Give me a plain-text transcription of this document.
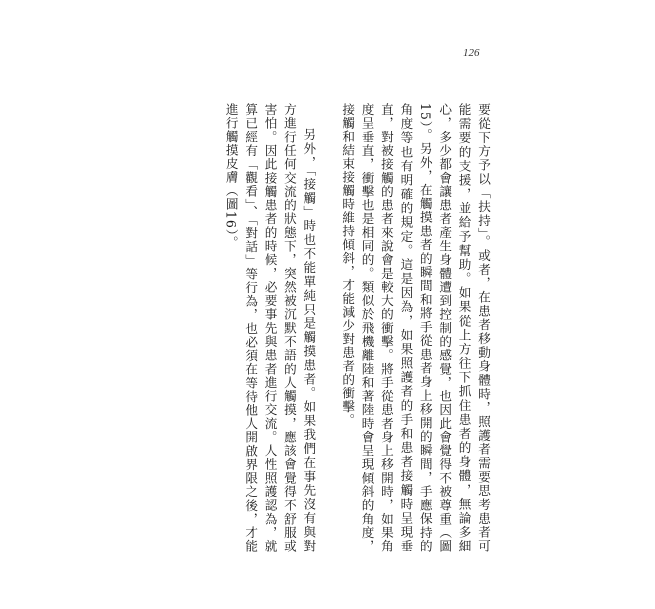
126

要從下方予以「扶持」。或者，在患者移動身體時，照護者需要思考患者可能需要的支援，並給予幫助。如果從上方往下抓住患者的身體，無論多細心，多少都會讓患者產生身體遭到控制的感覺，也因此會覺得不被尊重（圖15）。另外，在觸摸患者的瞬間和將手從患者身上移開的瞬間，手應保持的角度等也有明確的規定。這是因為，如果照護者的手和患者接觸時呈現垂直，對被接觸的患者來說會是較大的衝擊。將手從患者身上移開時，如果角度呈垂直，衝擊也是相同的。類似於飛機離陸和著陸時會呈現傾斜的角度，接觸和結束接觸時維持傾斜，才能減少對患者的衝擊。

另外，「接觸」時也不能單純只是觸摸患者。如果我們在事先沒有與對方進行任何交流的狀態下，突然被沉默不語的人觸摸，應該會覺得不舒服或害怕。因此接觸患者的時候，必要事先與患者進行交流。人性照護認為，就算已經有「觀看」、「對話」等行為，也必須在等待他人開啟界限之後，才能進行觸摸皮膚（圖16）。
